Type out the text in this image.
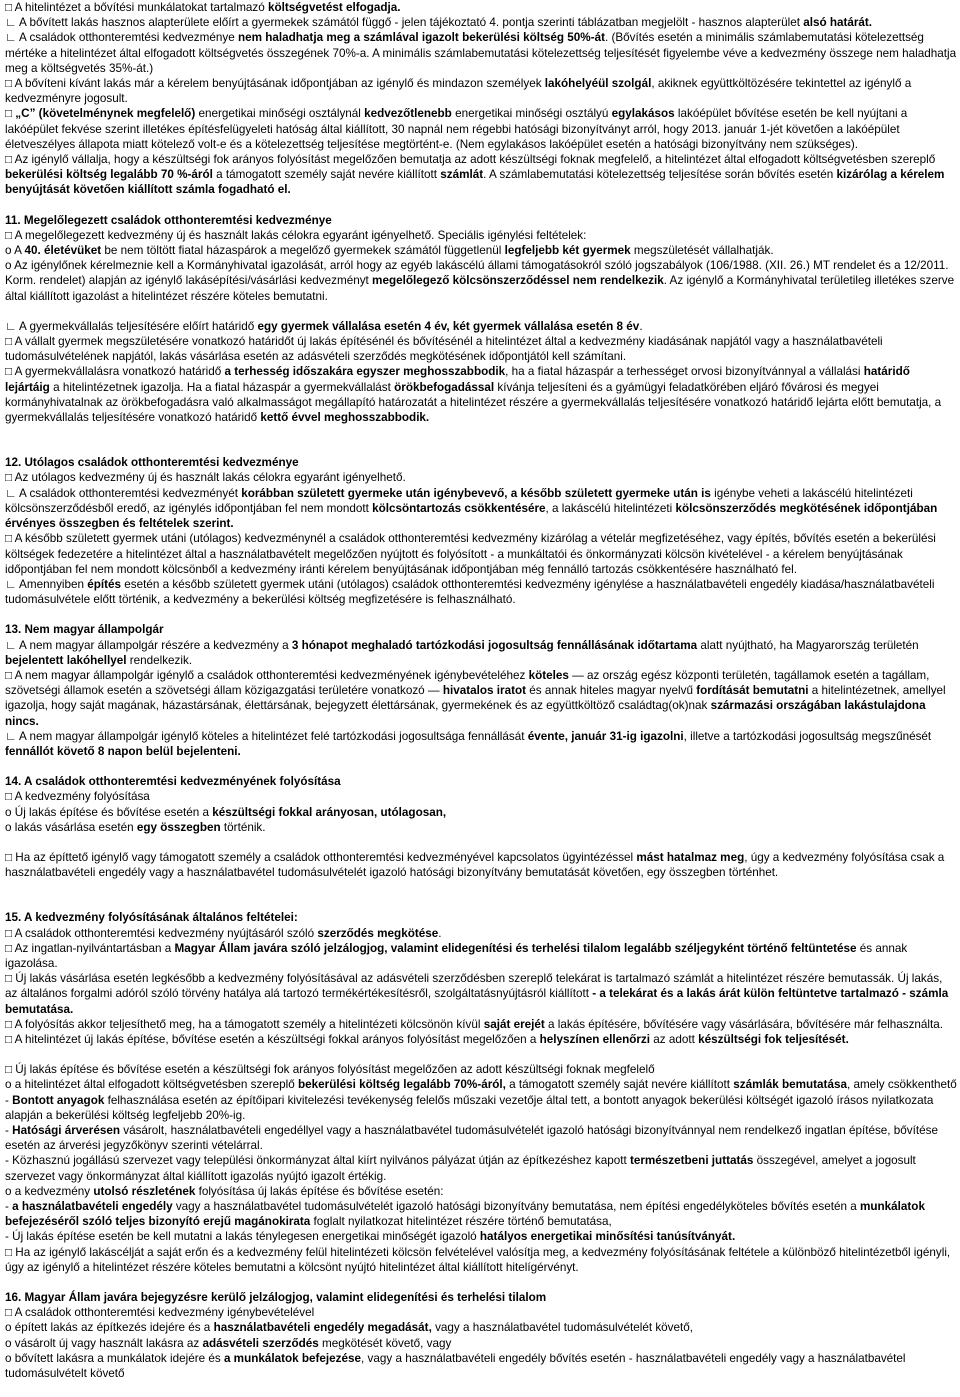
□ A hitelintézet a bővítési munkálatokat tartalmazó költségvetést elfogadja.

∟ A bővített lakás hasznos alapterülete előírt a gyermekek számától függő - jelen tájékoztató 4. pontja szerinti táblázatban megjelölt - hasznos alapterület alsó határát.

∟ A családok otthonteremtési kedvezménye nem haladhatja meg a számlával igazolt bekerülési költség 50%-át. (Bővítés esetén a minimális számlabemutatási kötelezettség mértéke a hitelintézet által elfogadott költségvetés összegének 70%-a. A minimális számlabemutatási kötelezettség teljesítését figyelembe véve a kedvezmény összege nem haladhatja meg a költségvetés 35%-át.)

□ A bővíteni kívánt lakás már a kérelem benyújtásának időpontjában az igénylő és mindazon személyek lakóhelyéül szolgál, akiknek együttköltözésére tekintettel az igénylő a kedvezményre jogosult.

□ „C” (követelménynek megfelelő) energetikai minőségi osztálynál kedvezőtlenebb energetikai minőségi osztályú egylakásos lakóépület bővítése esetén be kell nyújtani a lakóépület fekvése szerint illetékes építésfelügyeleti hatóság által kiállított, 30 napnál nem régebbi hatósági bizonyítványt arról, hogy 2013. január 1-jét követően a lakóépület életveszélyes állapota miatt kötelező volt-e és a kötelezettség teljesítése megtörtént-e. (Nem egylakásos lakóépület esetén a hatósági bizonyítvány nem szükséges).

□ Az igénylő vállalja, hogy a készültségi fok arányos folyósítást megelőzően bemutatja az adott készültségi foknak megfelelő, a hitelintézet által elfogadott költségvetésben szereplő bekerülési költség legalább 70 %-áról a támogatott személy saját nevére kiállított számlát. A számlabemutatási kötelezettség teljesítése során bővítés esetén kizárólag a kérelem benyújtását követően kiállított számla fogadható el.

11. Megelőlegezett családok otthonteremtési kedvezménye

□ A megelőlegezett kedvezmény új és használt lakás célokra egyaránt igényelhető. Speciális igénylési feltételek:

o A 40. életévüket be nem töltött fiatal házaspárok a megelőző gyermekek számától függetlenül legfeljebb két gyermek megszületését vállalhatják.

o Az igénylőnek kérelmeznie kell a Kormányhivatal igazolását, arról hogy az egyéb lakáscélú állami támogatásokról szóló jogszabályok (106/1988. (XII. 26.) MT rendelet és a 12/2011. Korm. rendelet) alapján az igénylő lakásépítési/vásárlási kedvezményt megelőlegező kölcsönszerződéssel nem rendelkezik. Az igénylő a Kormányhivatal területileg illetékes szerve által kiállított igazolást a hitelintézet részére köteles bemutatni.

∟ A gyermekvállalás teljesítésére előírt határidő egy gyermek vállalása esetén 4 év, két gyermek vállalása esetén 8 év.

□ A vállalt gyermek megszületésére vonatkozó határidőt új lakás építésénél és bővítésénél a hitelintézet által a kedvezmény kiadásának napjától vagy a használatbavételi tudomásulvételének napjától, lakás vásárlása esetén az adásvételi szerződés megkötésének időpontjától kell számítani.

□ A gyermekvállalásra vonatkozó határidő a terhesség időszakára egyszer meghosszabbodik, ha a fiatal házaspár a terhességet orvosi bizonyítvánnyal a vállalási határidő lejártáig a hitelintézetnek igazolja. Ha a fiatal házaspár a gyermekvállalást örökbefogadással kívánja teljesíteni és a gyámügyi feladatkörében eljáró fővárosi és megyei kormányhivatalnak az örökbefogadásra való alkalmasságot megállapító határozatát a hitelintézet részére a gyermekvállalás teljesítésére vonatkozó határidő lejárta előtt bemutatja, a gyermekvállalás teljesítésére vonatkozó határidő kettő évvel meghosszabbodik.

12. Utólagos családok otthonteremtési kedvezménye

□ Az utólagos kedvezmény új és használt lakás célokra egyaránt igényelhető.

∟ A családok otthonteremtési kedvezményét korábban született gyermeke után igénybevevő, a később született gyermeke után is igénybe veheti a lakáscélú hitelintézeti kölcsönszerződésből eredő, az igénylés időpontjában fel nem mondott kölcsöntartozás csökkentésére, a lakáscélú hitelintézeti kölcsönszerződés megkötésének időpontjában érvényes összegben és feltételek szerint.

□ A később született gyermek utáni (utólagos) kedvezménynél a családok otthonteremtési kedvezmény kizárólag a vételár megfizetéséhez, vagy építés, bővítés esetén a bekerülési költségek fedezetére a hitelintézet által a használatbavételt megelőzően nyújtott és folyósított - a munkáltatói és önkormányzati kölcsön kivételével - a kérelem benyújtásának időpontjában fel nem mondott kölcsönből a kedvezmény iránti kérelem benyújtásának időpontjában még fennálló tartozás csökkentésére használható fel.

∟ Amennyiben építés esetén a később született gyermek utáni (utólagos) családok otthonteremtési kedvezmény igénylése a használatbavételi engedély kiadása/használatbavételi tudomásulvétele előtt történik, a kedvezmény a bekerülési költség megfizetésére is felhasználható.

13. Nem magyar állampolgár

∟ A nem magyar állampolgár részére a kedvezmény a 3 hónapot meghaladó tartózkodási jogosultság fennállásának időtartama alatt nyújtható, ha Magyarország területén bejelentett lakóhellyel rendelkezik.

□ A nem magyar állampolgár igénylő a családok otthonteremtési kedvezményének igénybevételéhez köteles — az ország egész központi területén, tagállamok esetén a tagállam, szövetségi államok esetén a szövetségi állam közigazgatási területére vonatkozó — hivatalos iratot és annak hiteles magyar nyelvű fordítását bemutatni a hitelintézetnek, amellyel igazolja, hogy saját magának, házastársának, élettársának, bejegyzett élettársának, gyermekének és az együttköltöző családtag(ok)nak származási országában lakástulajdona nincs.

∟ A nem magyar állampolgár igénylő köteles a hitelintézet felé tartózkodási jogosultsága fennállását évente, január 31-ig igazolni, illetve a tartózkodási jogosultság megszűnését fennállót követő 8 napon belül bejelenteni.

14. A családok otthonteremtési kedvezményének folyósítása

□ A kedvezmény folyósítása

o Új lakás építése és bővítése esetén a készültségi fokkal arányosan, utólagosan,

o lakás vásárlása esetén egy összegben történik.

□ Ha az építtető igénylő vagy támogatott személy a családok otthonteremtési kedvezményével kapcsolatos ügyintézéssel mást hatalmaz meg, úgy a kedvezmény folyósítása csak a használatbavételi engedély vagy a használatbavétel tudomásulvételét igazoló hatósági bizonyítvány bemutatását követően, egy összegben történhet.

15. A kedvezmény folyósításának általános feltételei:

□ A családok otthonteremtési kedvezmény nyújtásáról szóló szerződés megkötése.

□ Az ingatlan-nyilvántartásban a Magyar Állam javára szóló jelzálogjog, valamint elidegenítési és terhelési tilalom legalább széljegyként történő feltüntetése és annak igazolása.

□ Új lakás vásárlása esetén legkésőbb a kedvezmény folyósításával az adásvételi szerződésben szereplő telekárat is tartalmazó számlát a hitelintézet részére bemutassák. Új lakás, az általános forgalmi adóról szóló törvény hatálya alá tartozó termékértékesítésről, szolgáltatásnyújtásról kiállított - a telekárat és a lakás árát külön feltüntetve tartalmazó - számla bemutatása.

□ A folyósítás akkor teljesíthető meg, ha a támogatott személy a hitelintézeti kölcsönön kívül saját erejét a lakás építésére, bővítésére vagy vásárlására, bővítésére már felhasználta.

□ A hitelintézet új lakás építése, bővítése esetén a készültségi fokkal arányos folyósítást megelőzően a helyszínen ellenőrzi az adott készültségi fok teljesítését.

□ Új lakás építése és bővítése esetén a készültségi fok arányos folyósítást megelőzően az adott készültségi foknak megfelelő

o a hitelintézet által elfogadott költségvetésben szereplő bekerülési költség legalább 70%-áról, a támogatott személy saját nevére kiállított számlák bemutatása, amely csökkenthető

- Bontott anyagok felhasználása esetén az építőipari kivitelezési tevékenység felelős műszaki vezetője által tett, a bontott anyagok bekerülési költségét igazoló írásos nyilatkozata alapján a bekerülési költség legfeljebb 20%-ig.

- Hatósági árverésen vásárolt, használatbavételi engedéllyel vagy a használatbavétel tudomásulvételét igazoló hatósági bizonyítvánnyal nem rendelkező ingatlan építése, bővítése esetén az árverési jegyzőkönyv szerinti vételárral.

- Közhasznú jogállású szervezet vagy települési önkormányzat által kiírt nyilvános pályázat útján az építkezéshez kapott természetbeni juttatás összegével, amelyet a jogosult szervezet vagy önkormányzat által kiállított igazolás nyújtó igazolt értékig.

o a kedvezmény utolsó részletének folyósítása új lakás építése és bővítése esetén:

- a használatbavételi engedély vagy a használatbavétel tudomásulvételét igazoló hatósági bizonyítvány bemutatása, nem építési engedélyköteles bővítés esetén a munkálatok befejezéséről szóló teljes bizonyító erejű magánokirata foglalt nyilatkozat hitelintézet részére történő bemutatása,

- Új lakás építése esetén be kell mutatni a lakás ténylegesen energetikai minőségét igazoló hatályos energetikai minősítési tanúsítványát.

□ Ha az igénylő lakáscélját a saját erőn és a kedvezmény felül hitelintézeti kölcsön felvételével valósítja meg, a kedvezmény folyósításának feltétele a különböző hitelintézetből igényli, úgy az igénylő a hitelintézet részére köteles bemutatni a kölcsönt nyújtó hitelintézet által kiállított hitelígérvényt.

16. Magyar Állam javára bejegyzésre kerülő jelzálogjog, valamint elidegenítési és terhelési tilalom

□ A családok otthonteremtési kedvezmény igénybevételével

o épített lakás az építkezés idejére és a használatbavételi engedély megadását, vagy a használatbavétel tudomásulvételét követő,

o vásárolt új vagy használt lakásra az adásvételi szerződés megkötését követő, vagy

o bővített lakásra a munkálatok idejére és a munkálatok befejezése, vagy a használatbavételi engedély bővítés esetén - használatbavételi engedély vagy a használatbavétel tudomásulvételt követő
